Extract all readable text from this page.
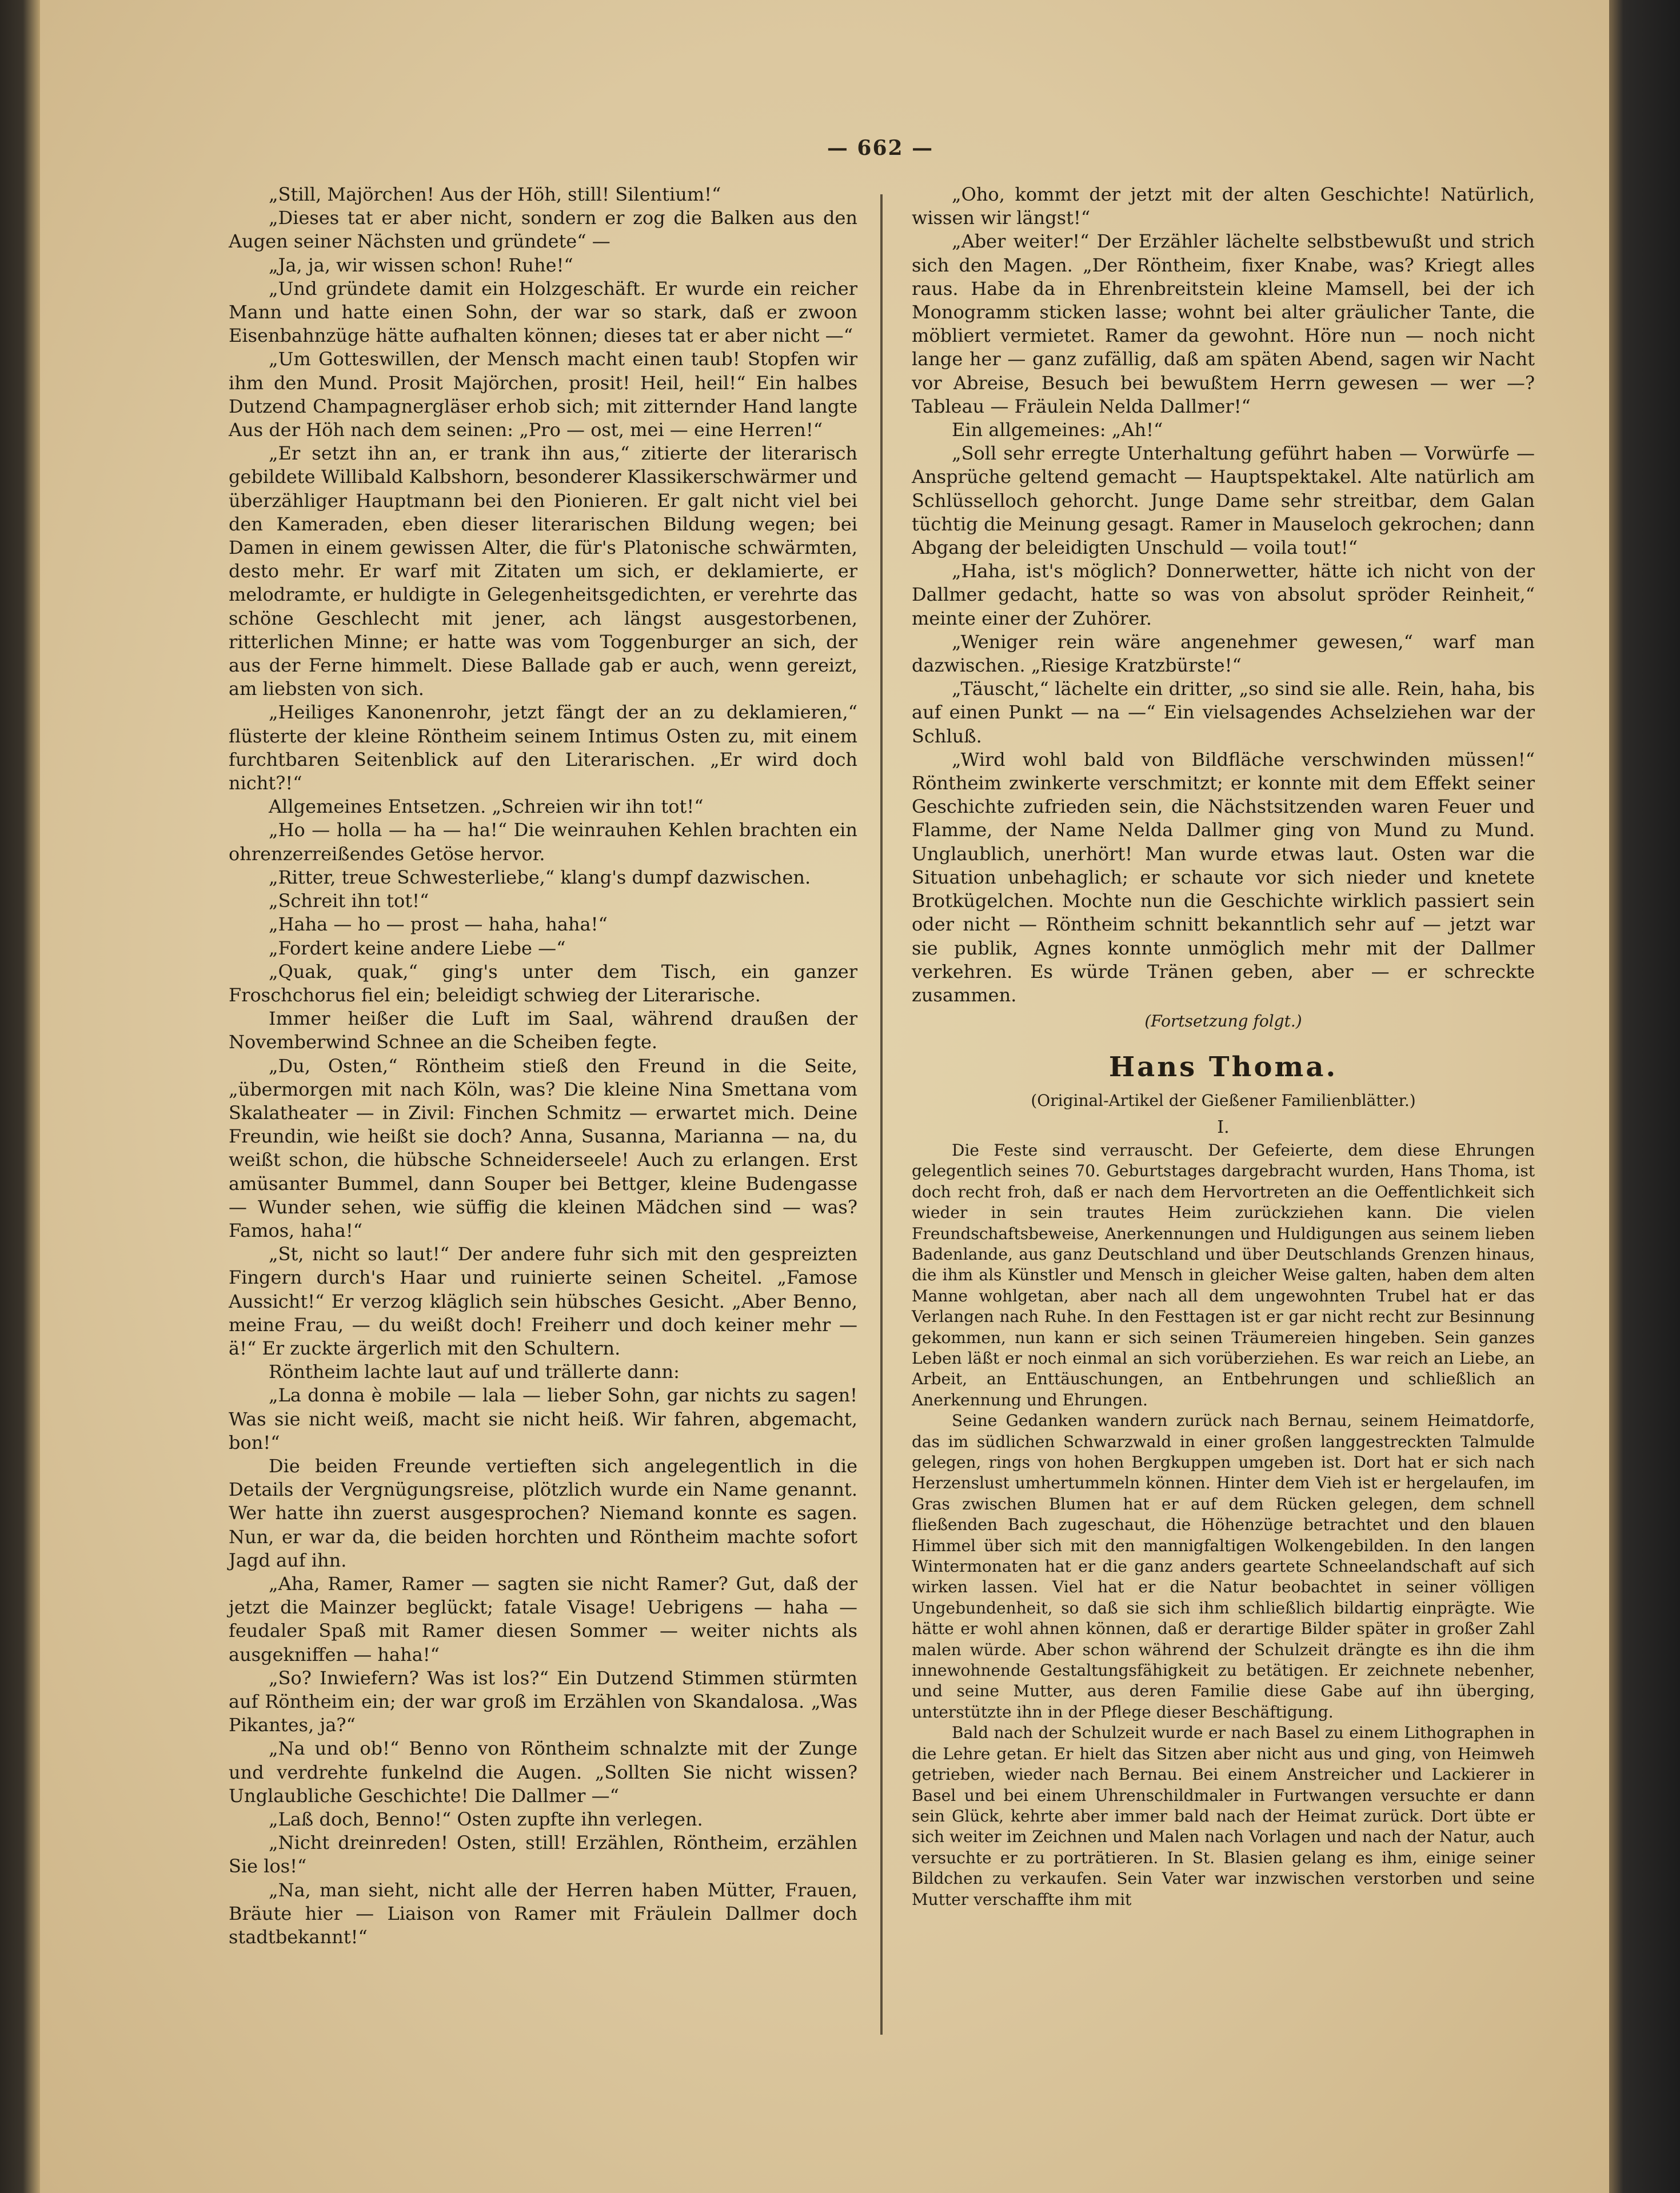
— 662 —

„Still, Majörchen! Aus der Höh, still! Silentium!“

„Dieses tat er aber nicht, sondern er zog die Balken aus den Augen seiner Nächsten und gründete“ —

„Ja, ja, wir wissen schon! Ruhe!“

„Und gründete damit ein Holzgeschäft. Er wurde ein reicher Mann und hatte einen Sohn, der war so stark, daß er zwoon Eisenbahnzüge hätte aufhalten können; dieses tat er aber nicht —“

„Um Gotteswillen, der Mensch macht einen taub! Stopfen wir ihm den Mund. Prosit Majörchen, prosit! Heil, heil!“ Ein halbes Dutzend Champagnergläser erhob sich; mit zitternder Hand langte Aus der Höh nach dem seinen: „Pro — ost, mei — eine Herren!“

„Er setzt ihn an, er trank ihn aus,“ zitierte der literarisch gebildete Willibald Kalbshorn, besonderer Klassikerschwärmer und überzähliger Hauptmann bei den Pionieren. Er galt nicht viel bei den Kameraden, eben dieser literarischen Bildung wegen; bei Damen in einem gewissen Alter, die für's Platonische schwärmten, desto mehr. Er warf mit Zitaten um sich, er deklamierte, er melodramte, er huldigte in Gelegenheitsgedichten, er verehrte das schöne Geschlecht mit jener, ach längst ausgestorbenen, ritterlichen Minne; er hatte was vom Toggenburger an sich, der aus der Ferne himmelt. Diese Ballade gab er auch, wenn gereizt, am liebsten von sich.

„Heiliges Kanonenrohr, jetzt fängt der an zu deklamieren,“ flüsterte der kleine Röntheim seinem Intimus Osten zu, mit einem furchtbaren Seitenblick auf den Literarischen. „Er wird doch nicht?!“

Allgemeines Entsetzen. „Schreien wir ihn tot!“

„Ho — holla — ha — ha!“ Die weinrauhen Kehlen brachten ein ohrenzerreißendes Getöse hervor.

„Ritter, treue Schwesterliebe,“ klang's dumpf dazwischen.

„Schreit ihn tot!“

„Haha — ho — prost — haha, haha!“

„Fordert keine andere Liebe —“

„Quak, quak,“ ging's unter dem Tisch, ein ganzer Froschchorus fiel ein; beleidigt schwieg der Literarische.

Immer heißer die Luft im Saal, während draußen der Novemberwind Schnee an die Scheiben fegte.

„Du, Osten,“ Röntheim stieß den Freund in die Seite, „übermorgen mit nach Köln, was? Die kleine Nina Smettana vom Skalatheater — in Zivil: Finchen Schmitz — erwartet mich. Deine Freundin, wie heißt sie doch? Anna, Susanna, Marianna — na, du weißt schon, die hübsche Schneiderseele! Auch zu erlangen. Erst amüsanter Bummel, dann Souper bei Bettger, kleine Budengasse — Wunder sehen, wie süffig die kleinen Mädchen sind — was? Famos, haha!“

„St, nicht so laut!“ Der andere fuhr sich mit den gespreizten Fingern durch's Haar und ruinierte seinen Scheitel. „Famose Aussicht!“ Er verzog kläglich sein hübsches Gesicht. „Aber Benno, meine Frau, — du weißt doch! Freiherr und doch keiner mehr — ä!“ Er zuckte ärgerlich mit den Schultern.

Röntheim lachte laut auf und trällerte dann:

„La donna è mobile — lala — lieber Sohn, gar nichts zu sagen! Was sie nicht weiß, macht sie nicht heiß. Wir fahren, abgemacht, bon!“

Die beiden Freunde vertieften sich angelegentlich in die Details der Vergnügungsreise, plötzlich wurde ein Name genannt. Wer hatte ihn zuerst ausgesprochen? Niemand konnte es sagen. Nun, er war da, die beiden horchten und Röntheim machte sofort Jagd auf ihn.

„Aha, Ramer, Ramer — sagten sie nicht Ramer? Gut, daß der jetzt die Mainzer beglückt; fatale Visage! Uebrigens — haha — feudaler Spaß mit Ramer diesen Sommer — weiter nichts als ausgekniffen — haha!“

„So? Inwiefern? Was ist los?“ Ein Dutzend Stimmen stürmten auf Röntheim ein; der war groß im Erzählen von Skandalosa. „Was Pikantes, ja?“

„Na und ob!“ Benno von Röntheim schnalzte mit der Zunge und verdrehte funkelnd die Augen. „Sollten Sie nicht wissen? Unglaubliche Geschichte! Die Dallmer —“

„Laß doch, Benno!“ Osten zupfte ihn verlegen.

„Nicht dreinreden! Osten, still! Erzählen, Röntheim, erzählen Sie los!“

„Na, man sieht, nicht alle der Herren haben Mütter, Frauen, Bräute hier — Liaison von Ramer mit Fräulein Dallmer doch stadtbekannt!“

„Oho, kommt der jetzt mit der alten Geschichte! Natürlich, wissen wir längst!“

„Aber weiter!“ Der Erzähler lächelte selbstbewußt und strich sich den Magen. „Der Röntheim, fixer Knabe, was? Kriegt alles raus. Habe da in Ehrenbreitstein kleine Mamsell, bei der ich Monogramm sticken lasse; wohnt bei alter gräulicher Tante, die möbliert vermietet. Ramer da gewohnt. Höre nun — noch nicht lange her — ganz zufällig, daß am späten Abend, sagen wir Nacht vor Abreise, Besuch bei bewußtem Herrn gewesen — wer —? Tableau — Fräulein Nelda Dallmer!“

Ein allgemeines: „Ah!“

„Soll sehr erregte Unterhaltung geführt haben — Vorwürfe — Ansprüche geltend gemacht — Hauptspektakel. Alte natürlich am Schlüsselloch gehorcht. Junge Dame sehr streitbar, dem Galan tüchtig die Meinung gesagt. Ramer in Mauseloch gekrochen; dann Abgang der beleidigten Unschuld — voila tout!“

„Haha, ist's möglich? Donnerwetter, hätte ich nicht von der Dallmer gedacht, hatte so was von absolut spröder Reinheit,“ meinte einer der Zuhörer.

„Weniger rein wäre angenehmer gewesen,“ warf man dazwischen. „Riesige Kratzbürste!“

„Täuscht,“ lächelte ein dritter, „so sind sie alle. Rein, haha, bis auf einen Punkt — na —“ Ein vielsagendes Achselziehen war der Schluß.

„Wird wohl bald von Bildfläche verschwinden müssen!“ Röntheim zwinkerte verschmitzt; er konnte mit dem Effekt seiner Geschichte zufrieden sein, die Nächstsitzenden waren Feuer und Flamme, der Name Nelda Dallmer ging von Mund zu Mund. Unglaublich, unerhört! Man wurde etwas laut. Osten war die Situation unbehaglich; er schaute vor sich nieder und knetete Brotkügelchen. Mochte nun die Geschichte wirklich passiert sein oder nicht — Röntheim schnitt bekanntlich sehr auf — jetzt war sie publik, Agnes konnte unmöglich mehr mit der Dallmer verkehren. Es würde Tränen geben, aber — er schreckte zusammen.

(Fortsetzung folgt.)

Hans Thoma.
(Original-Artikel der Gießener Familienblätter.)
I.

Die Feste sind verrauscht. Der Gefeierte, dem diese Ehrungen gelegentlich seines 70. Geburtstages dargebracht wurden, Hans Thoma, ist doch recht froh, daß er nach dem Hervortreten an die Oeffentlichkeit sich wieder in sein trautes Heim zurückziehen kann. Die vielen Freundschaftsbeweise, Anerkennungen und Huldigungen aus seinem lieben Badenlande, aus ganz Deutschland und über Deutschlands Grenzen hinaus, die ihm als Künstler und Mensch in gleicher Weise galten, haben dem alten Manne wohlgetan, aber nach all dem ungewohnten Trubel hat er das Verlangen nach Ruhe. In den Festtagen ist er gar nicht recht zur Besinnung gekommen, nun kann er sich seinen Träumereien hingeben. Sein ganzes Leben läßt er noch einmal an sich vorüberziehen. Es war reich an Liebe, an Arbeit, an Enttäuschungen, an Entbehrungen und schließlich an Anerkennung und Ehrungen.

Seine Gedanken wandern zurück nach Bernau, seinem Heimatdorfe, das im südlichen Schwarzwald in einer großen langgestreckten Talmulde gelegen, rings von hohen Bergkuppen umgeben ist. Dort hat er sich nach Herzenslust umhertummeln können. Hinter dem Vieh ist er hergelaufen, im Gras zwischen Blumen hat er auf dem Rücken gelegen, dem schnell fließenden Bach zugeschaut, die Höhenzüge betrachtet und den blauen Himmel über sich mit den mannigfaltigen Wolkengebilden. In den langen Wintermonaten hat er die ganz anders geartete Schneelandschaft auf sich wirken lassen. Viel hat er die Natur beobachtet in seiner völligen Ungebundenheit, so daß sie sich ihm schließlich bildartig einprägte. Wie hätte er wohl ahnen können, daß er derartige Bilder später in großer Zahl malen würde. Aber schon während der Schulzeit drängte es ihn die ihm innewohnende Gestaltungsfähigkeit zu betätigen. Er zeichnete nebenher, und seine Mutter, aus deren Familie diese Gabe auf ihn überging, unterstützte ihn in der Pflege dieser Beschäftigung.

Bald nach der Schulzeit wurde er nach Basel zu einem Lithographen in die Lehre getan. Er hielt das Sitzen aber nicht aus und ging, von Heimweh getrieben, wieder nach Bernau. Bei einem Anstreicher und Lackierer in Basel und bei einem Uhrenschildmaler in Furtwangen versuchte er dann sein Glück, kehrte aber immer bald nach der Heimat zurück. Dort übte er sich weiter im Zeichnen und Malen nach Vorlagen und nach der Natur, auch versuchte er zu porträtieren. In St. Blasien gelang es ihm, einige seiner Bildchen zu verkaufen. Sein Vater war inzwischen verstorben und seine Mutter verschaffte ihm mit
